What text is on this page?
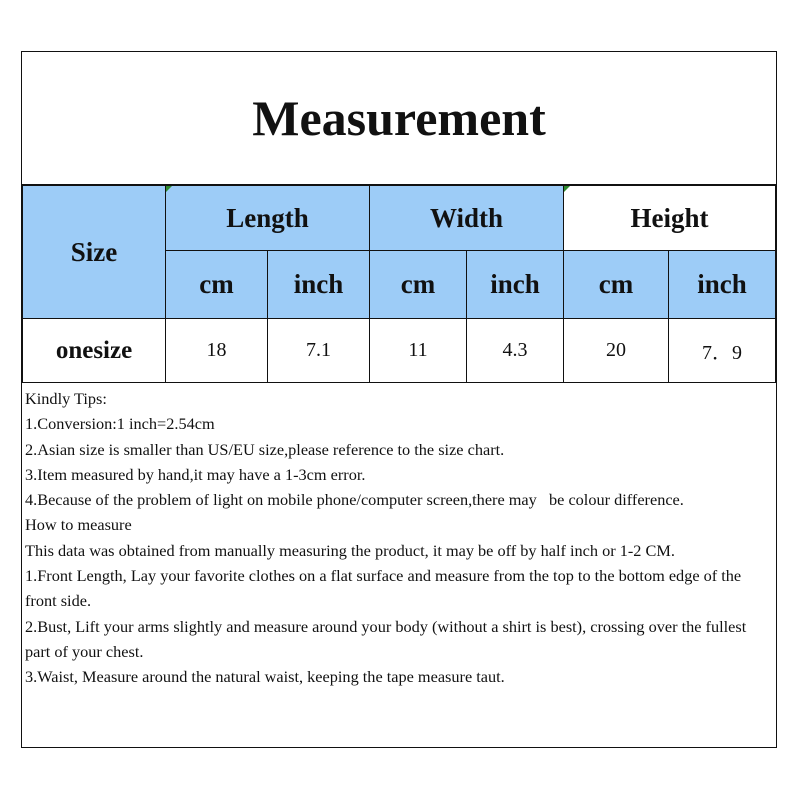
Measurement
Size	Length		Width		Height	
	cm	inch	cm	inch	cm	inch
onesize	18	7.1	11	4.3	20	7．9
Kindly Tips:
1.Conversion:1 inch=2.54cm
2.Asian size is smaller than US/EU size,please reference to the size chart.
3.Item measured by hand,it may have a 1-3cm error.
4.Because of the problem of light on mobile phone/computer screen,there may   be colour difference.
How to measure
This data was obtained from manually measuring the product, it may be off by half inch or 1-2 CM.
1.Front Length, Lay your favorite clothes on a flat surface and measure from the top to the bottom edge of the front side.
2.Bust, Lift your arms slightly and measure around your body (without a shirt is best), crossing over the fullest part of your chest.
3.Waist, Measure around the natural waist, keeping the tape measure taut.
